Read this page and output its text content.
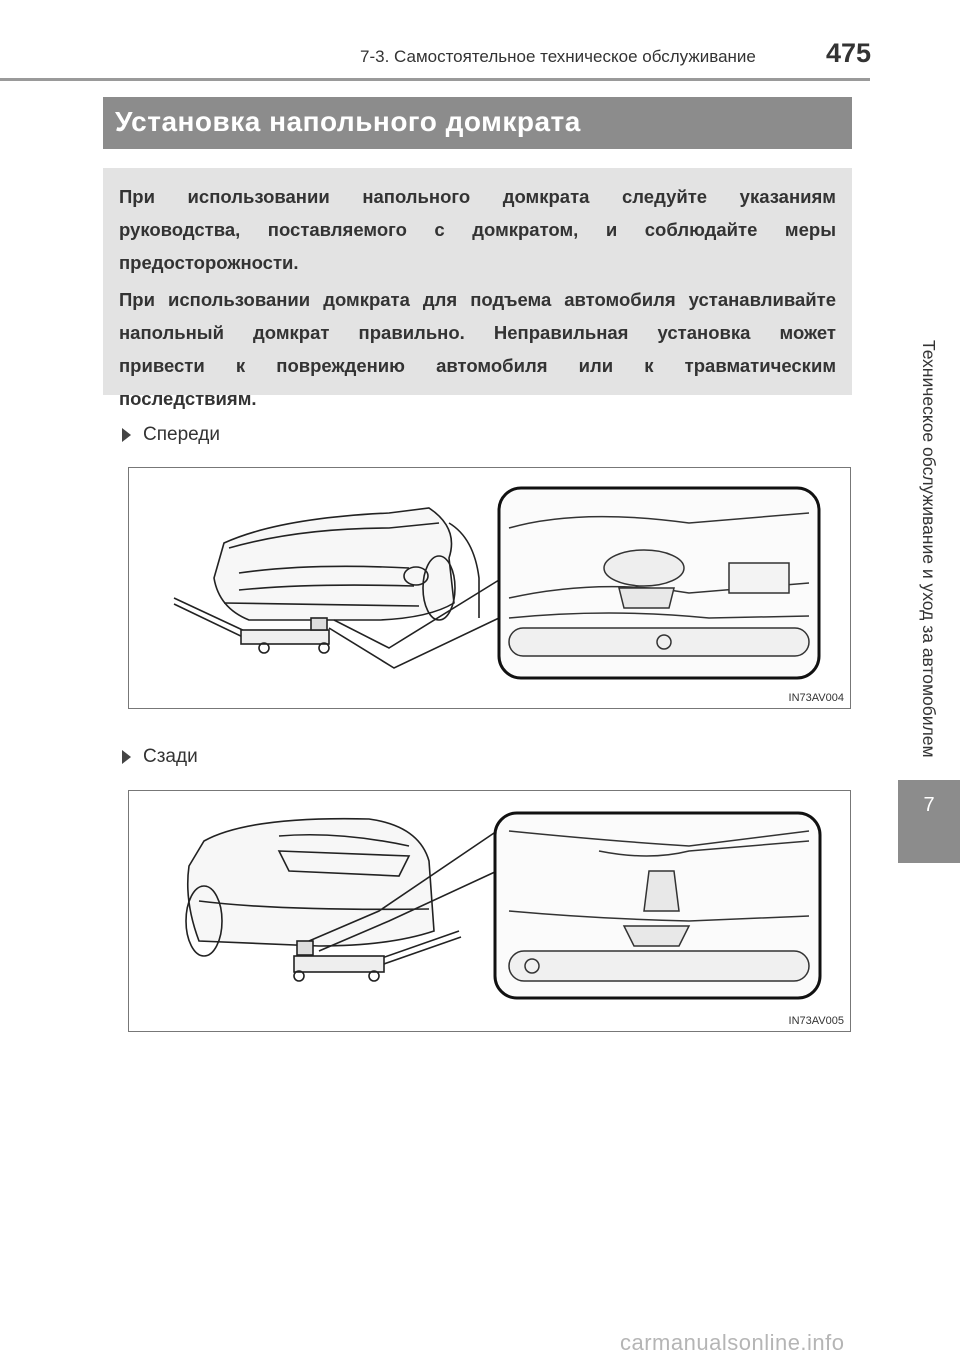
7-3. Самостоятельное техническое обслуживание	475
Установка напольного домкрата

При использовании напольного домкрата следуйте указаниям руководства, поставляемого с домкратом, и соблюдайте меры предосторожности.

При использовании домкрата для подъема автомобиля устанавливайте напольный домкрат правильно. Неправильная установка может привести к повреждению автомобиля или к травматическим последствиям.

Спереди
IN73AV004
Сзади
IN73AV005
Техническое обслуживание и уход за автомобилем
7
carmanualsonline.info
